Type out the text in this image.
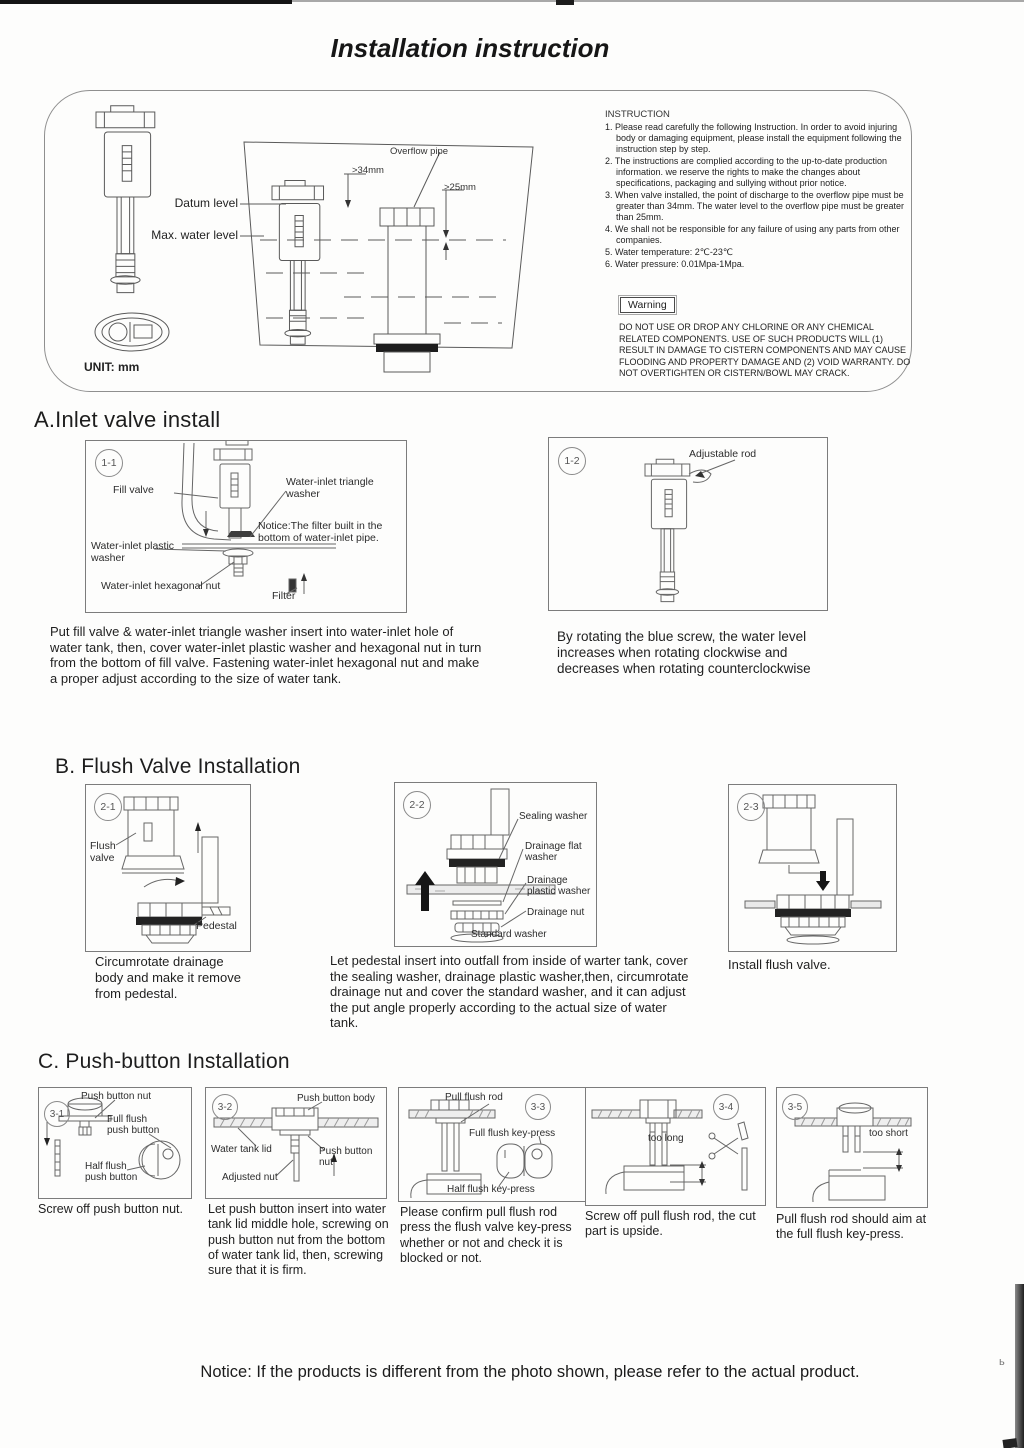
ь
Installation instruction
Datum level
Max. water level
Overflow pipe
>34mm
>25mm
UNIT: mm
INSTRUCTION
1. Please read carefully the following Instruction. In order to avoid injuring body or damaging equipment, please install the equipment following the instruction step by step.
2. The instructions are complied according to the up-to-date production information. we reserve the rights to make the changes about specifications, packaging and sullying without prior notice.
3. When valve installed, the point of discharge to the overflow pipe must be greater than 34mm. The water level to the overflow pipe must be greater than 25mm.
4. We shall not be responsible for any failure of using any parts from other companies.
5. Water temperature: 2℃-23℃
6. Water pressure: 0.01Mpa-1Mpa.
Warning
DO NOT USE OR DROP ANY CHLORINE OR ANY CHEMICAL RELATED COMPONENTS. USE OF SUCH PRODUCTS WILL (1) RESULT IN DAMAGE TO CISTERN COMPONENTS AND MAY CAUSE FLOODING AND PROPERTY DAMAGE AND (2) VOID WARRANTY. DO NOT OVERTIGHTEN OR CISTERN/BOWL MAY CRACK.
A.Inlet valve install
1-1
Fill valve
Water-inlet triangle washer
Notice:The filter built in the bottom of water-inlet pipe.
Water-inlet plastic washer
Water-inlet hexagonal nut
Filter
1-2
Adjustable rod
Put fill valve & water-inlet triangle washer insert into water-inlet hole of water tank, then, cover water-inlet plastic washer and hexagonal nut in turn from the bottom of fill valve. Fastening water-inlet hexagonal nut and make a proper adjust according to the size of water tank.
By rotating the blue screw, the water level increases when rotating clockwise and decreases when rotating counterclockwise
B. Flush Valve Installation
2-1
Flush valve
Pedestal
Circumrotate drainage body and make it remove from pedestal.
2-2
Sealing washer
Drainage flat washer
Drainage plastic washer
Drainage nut
Standard washer
Let pedestal insert into outfall from inside of warter tank, cover the sealing washer, drainage plastic washer,then, circumrotate drainage nut and cover the standard washer, and it can adjust the put angle properly according to the actual size of water tank.
2-3
Install flush valve.
C. Push-button Installation
3-1
Push button nut
Full flush push button
Half flush push button
Screw off push button nut.
3-2
Push button body
Water tank lid	Push button nut
Adjusted nut
Let push button insert into water tank lid middle hole, screwing on push button nut from the bottom of water tank lid, then, screwing sure that it is firm.
3-3
Pull flush rod
Full flush key-press
Half flush key-press
Please confirm pull flush rod press the flush valve key-press whether or not and check it is blocked or not.
3-4
too long
Screw off pull flush rod, the cut part is upside.
3-5
too short
Pull flush rod should aim at the full flush key-press.
Notice: If the products is different from the photo shown, please refer to the actual product.
